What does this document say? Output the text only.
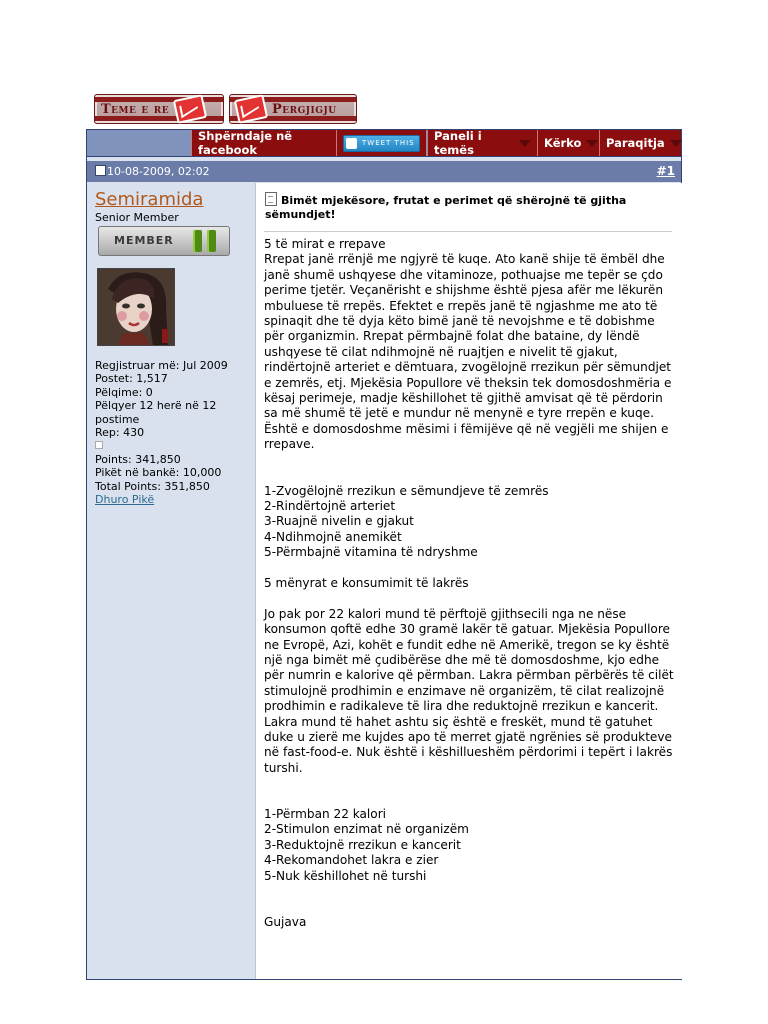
Teme e re	Pergjigju
Shpërndaje në facebook	TWEET THIS Paneli i temës	Kërko Paraqitja
10-08-2009, 02:02	#1
Semiramida
Senior Member
MEMBER
Regjistruar më: Jul 2009
Postet: 1,517
Pëlqime: 0
Pëlqyer 12 herë në 12 postime
Rep: 430
Points: 341,850
Pikët në bankë: 10,000
Total Points: 351,850
Dhuro Pikë
Bimët mjekësore, frutat e perimet që shërojnë të gjitha sëmundjet!
5 të mirat e rrepave
Rrepat janë rrënjë me ngjyrë të kuqe. Ato kanë shije të ëmbël dhe janë shumë ushqyese dhe vitaminoze, pothuajse me tepër se çdo perime tjetër. Veçanërisht e shijshme është pjesa afër me lëkurën mbuluese të rrepës. Efektet e rrepës janë të ngjashme me ato të spinaqit dhe të dyja këto bimë janë të nevojshme e të dobishme për organizmin. Rrepat përmbajnë folat dhe bataine, dy lëndë ushqyese të cilat ndihmojnë në ruajtjen e nivelit të gjakut, rindërtojnë arteriet e dëmtuara, zvogëlojnë rrezikun për sëmundjet e zemrës, etj. Mjekësia Popullore vë theksin tek domosdoshmëria e kësaj perimeje, madje këshillohet të gjithë amvisat që të përdorin sa më shumë të jetë e mundur në menynë e tyre rrepën e kuqe. Është e domosdoshme mësimi i fëmijëve që në vegjëli me shijen e rrepave.

1-Zvogëlojnë rrezikun e sëmundjeve të zemrës
2-Rindërtojnë arteriet
3-Ruajnë nivelin e gjakut
4-Ndihmojnë anemikët
5-Përmbajnë vitamina të ndryshme

5 mënyrat e konsumimit të lakrës

Jo pak por 22 kalori mund të përftojë gjithsecili nga ne nëse konsumon qoftë edhe 30 gramë lakër të gatuar. Mjekësia Popullore ne Evropë, Azi, kohët e fundit edhe në Amerikë, tregon se ky është një nga bimët më çudibërëse dhe më të domosdoshme, kjo edhe për numrin e kalorive që përmban. Lakra përmban përbërës të cilët stimulojnë prodhimin e enzimave në organizëm, të cilat realizojnë prodhimin e radikaleve të lira dhe reduktojnë rrezikun e kancerit. Lakra mund të hahet ashtu siç është e freskët, mund të gatuhet duke u zierë me kujdes apo të merret gjatë ngrënies së produkteve në fast-food-e. Nuk është i këshillueshëm përdorimi i tepërt i lakrës turshi.

1-Përmban 22 kalori
2-Stimulon enzimat në organizëm
3-Reduktojnë rrezikun e kancerit
4-Rekomandohet lakra e zier
5-Nuk këshillohet në turshi

Gujava
